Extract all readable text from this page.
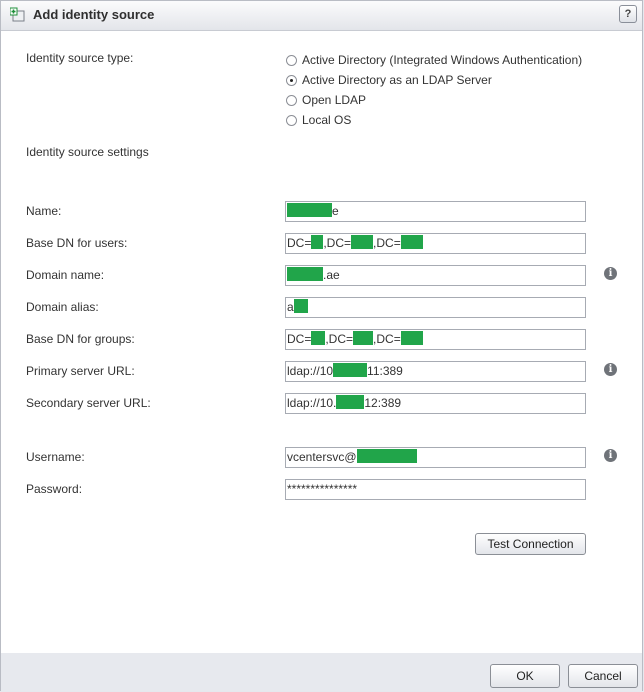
Add identity source	?
Identity source type:	Active Directory (Integrated Windows Authentication)
Active Directory as an LDAP Server
Open LDAP
Local OS
Identity source settings
Name:	e
Base DN for users:	DC= ,DC= ,DC=
Domain name:	.ae	i
Domain alias:	a
Base DN for groups:	DC= ,DC= ,DC=
Primary server URL:	ldap://10	11:389	i
Secondary server URL:	ldap://10. 12:389
Username:	vcentersvc@	i
Password:	***************
Test Connection
OK	Cancel
